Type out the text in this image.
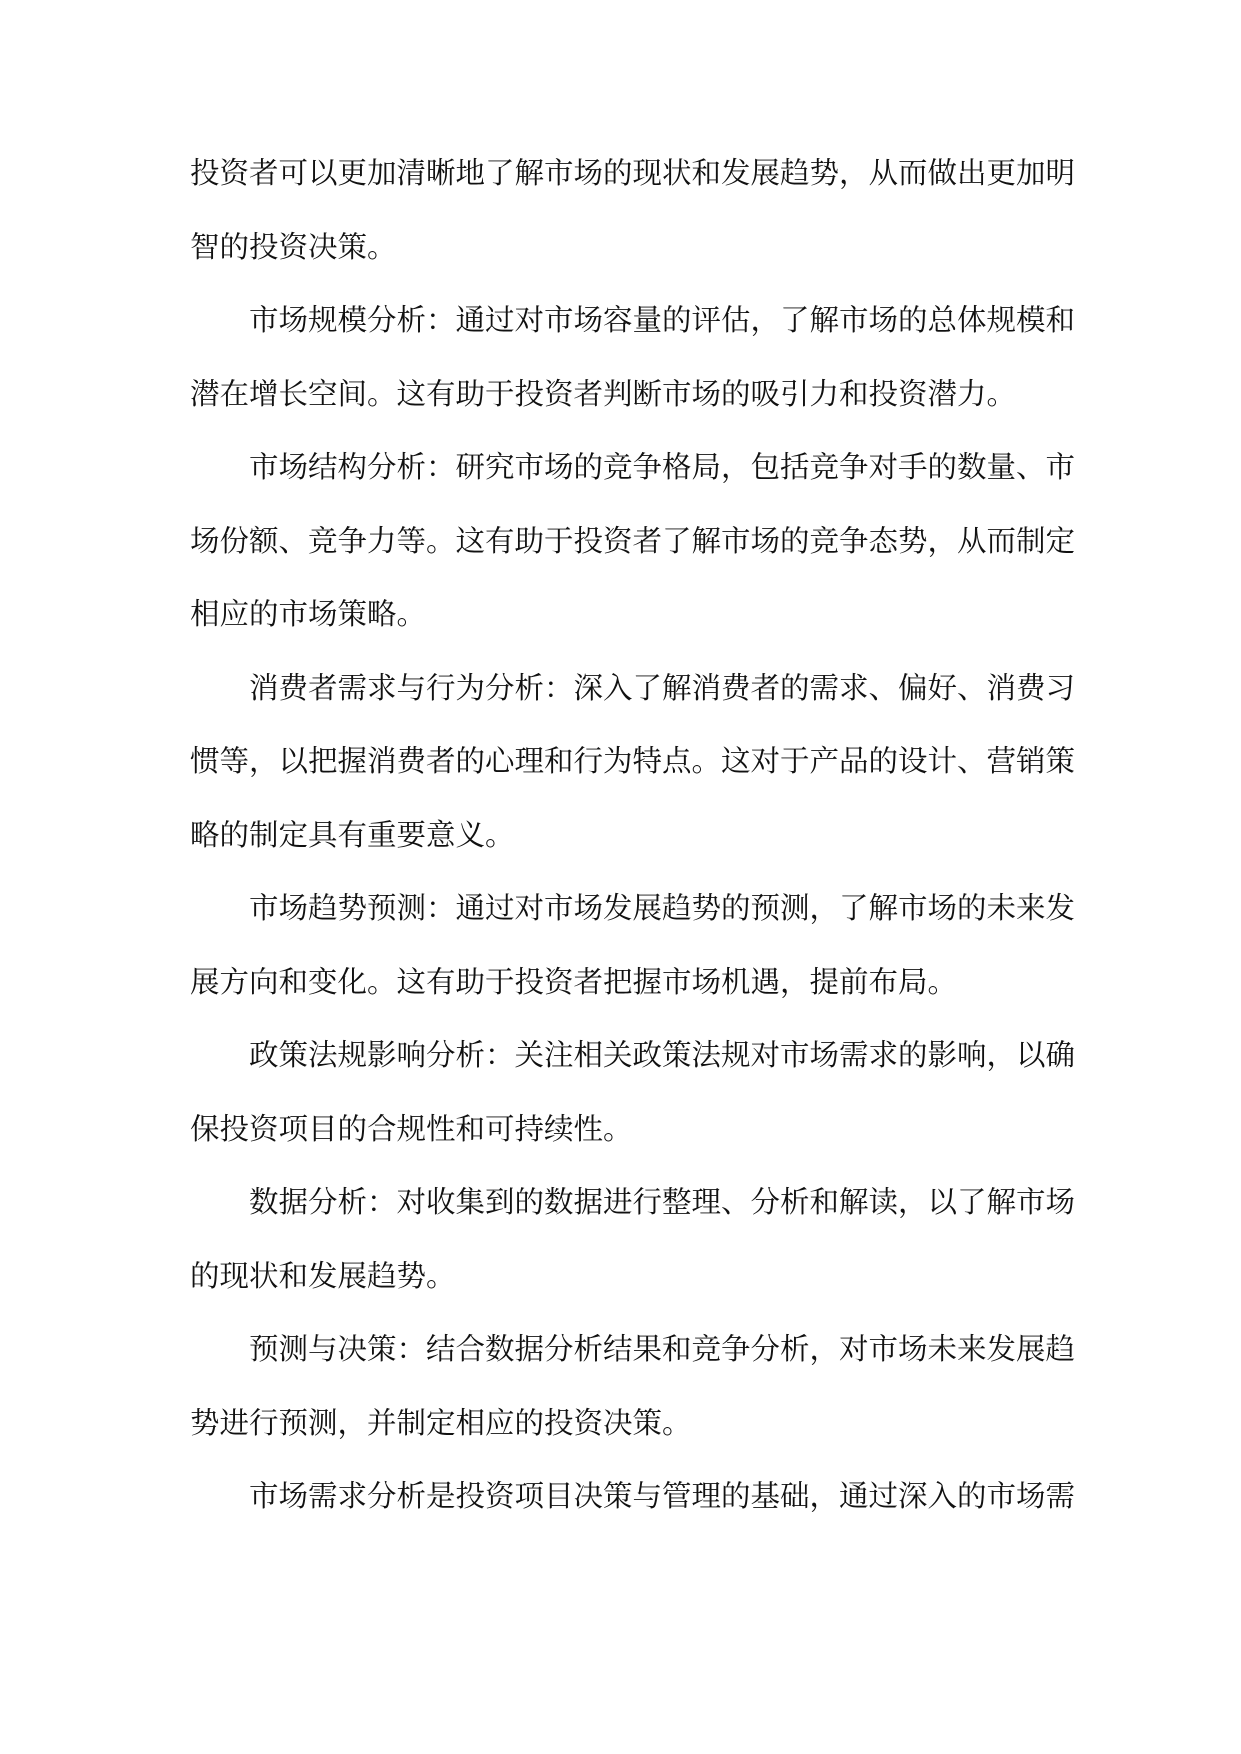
投资者可以更加清晰地了解市场的现状和发展趋势，从而做出更加明
智的投资决策。
市场规模分析：通过对市场容量的评估，了解市场的总体规模和
潜在增长空间。这有助于投资者判断市场的吸引力和投资潜力。
市场结构分析：研究市场的竞争格局，包括竞争对手的数量、市
场份额、竞争力等。这有助于投资者了解市场的竞争态势，从而制定
相应的市场策略。
消费者需求与行为分析：深入了解消费者的需求、偏好、消费习
惯等，以把握消费者的心理和行为特点。这对于产品的设计、营销策
略的制定具有重要意义。
市场趋势预测：通过对市场发展趋势的预测，了解市场的未来发
展方向和变化。这有助于投资者把握市场机遇，提前布局。
政策法规影响分析：关注相关政策法规对市场需求的影响，以确
保投资项目的合规性和可持续性。
数据分析：对收集到的数据进行整理、分析和解读，以了解市场
的现状和发展趋势。
预测与决策：结合数据分析结果和竞争分析，对市场未来发展趋
势进行预测，并制定相应的投资决策。
市场需求分析是投资项目决策与管理的基础，通过深入的市场需
